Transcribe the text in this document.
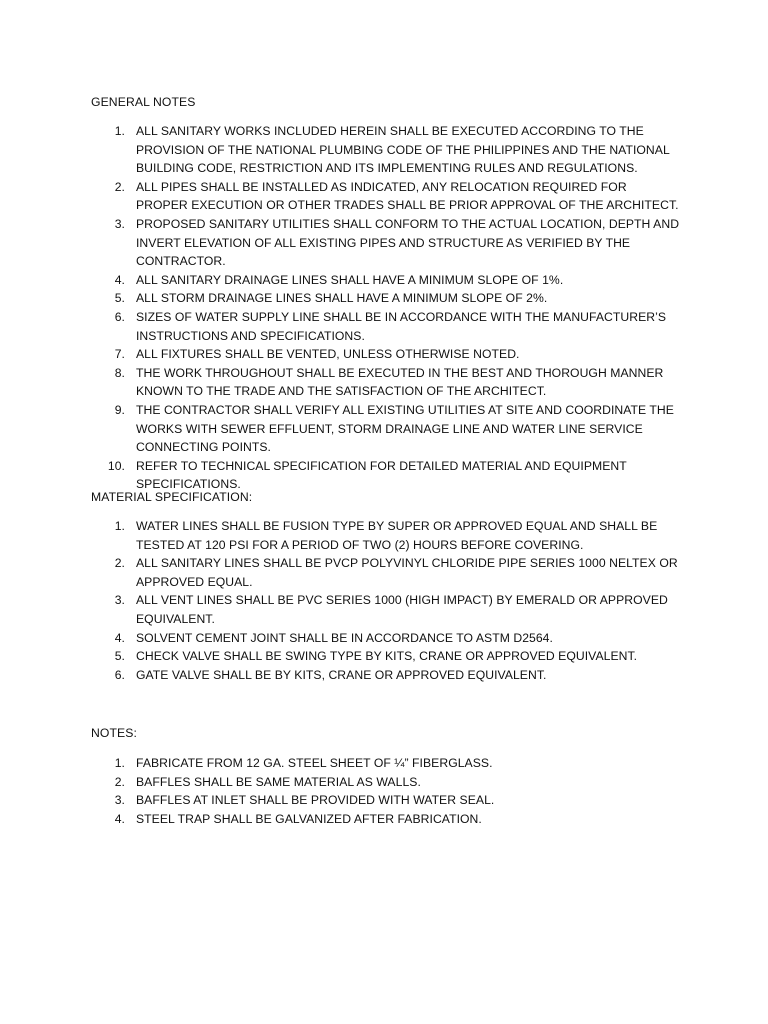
GENERAL NOTES
1. ALL SANITARY WORKS INCLUDED HEREIN SHALL BE EXECUTED ACCORDING TO THE PROVISION OF THE NATIONAL PLUMBING CODE OF THE PHILIPPINES AND THE NATIONAL BUILDING CODE, RESTRICTION AND ITS IMPLEMENTING RULES AND REGULATIONS.
2. ALL PIPES SHALL BE INSTALLED AS INDICATED, ANY RELOCATION REQUIRED FOR PROPER EXECUTION OR OTHER TRADES SHALL BE PRIOR APPROVAL OF THE ARCHITECT.
3. PROPOSED SANITARY UTILITIES SHALL CONFORM TO THE ACTUAL LOCATION, DEPTH AND INVERT ELEVATION OF ALL EXISTING PIPES AND STRUCTURE AS VERIFIED BY THE CONTRACTOR.
4. ALL SANITARY DRAINAGE LINES SHALL HAVE A MINIMUM SLOPE OF 1%.
5. ALL STORM DRAINAGE LINES SHALL HAVE A MINIMUM SLOPE OF 2%.
6. SIZES OF WATER SUPPLY LINE SHALL BE IN ACCORDANCE WITH THE MANUFACTURER’S INSTRUCTIONS AND SPECIFICATIONS.
7. ALL FIXTURES SHALL BE VENTED, UNLESS OTHERWISE NOTED.
8. THE WORK THROUGHOUT SHALL BE EXECUTED IN THE BEST AND THOROUGH MANNER KNOWN TO THE TRADE AND THE SATISFACTION OF THE ARCHITECT.
9. THE CONTRACTOR SHALL VERIFY ALL EXISTING UTILITIES AT SITE AND COORDINATE THE WORKS WITH SEWER EFFLUENT, STORM DRAINAGE LINE AND WATER LINE SERVICE CONNECTING POINTS.
10. REFER TO TECHNICAL SPECIFICATION FOR DETAILED MATERIAL AND EQUIPMENT SPECIFICATIONS.
MATERIAL SPECIFICATION:
1. WATER LINES SHALL BE FUSION TYPE BY SUPER OR APPROVED EQUAL AND SHALL BE TESTED AT 120 PSI FOR A PERIOD OF TWO (2) HOURS BEFORE COVERING.
2. ALL SANITARY LINES SHALL BE PVCP POLYVINYL CHLORIDE PIPE SERIES 1000 NELTEX OR APPROVED EQUAL.
3. ALL VENT LINES SHALL BE PVC SERIES 1000 (HIGH IMPACT) BY EMERALD OR APPROVED EQUIVALENT.
4. SOLVENT CEMENT JOINT SHALL BE IN ACCORDANCE TO ASTM D2564.
5. CHECK VALVE SHALL BE SWING TYPE BY KITS, CRANE OR APPROVED EQUIVALENT.
6. GATE VALVE SHALL BE BY KITS, CRANE OR APPROVED EQUIVALENT.
NOTES:
1. FABRICATE FROM 12 GA. STEEL SHEET OF ¼” FIBERGLASS.
2. BAFFLES SHALL BE SAME MATERIAL AS WALLS.
3. BAFFLES AT INLET SHALL BE PROVIDED WITH WATER SEAL.
4. STEEL TRAP SHALL BE GALVANIZED AFTER FABRICATION.
